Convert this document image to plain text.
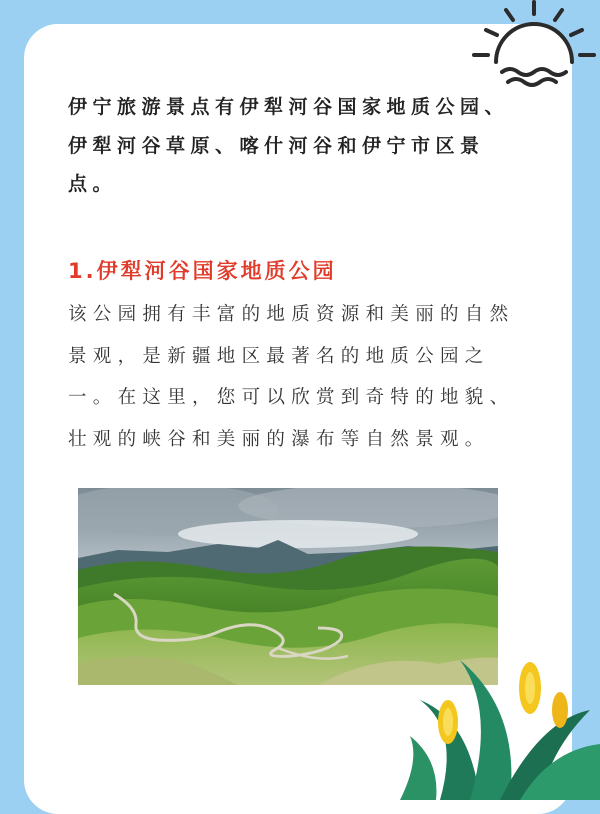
伊宁旅游景点有伊犁河谷国家地质公园、伊犁河谷草原、喀什河谷和伊宁市区景点。
1.伊犁河谷国家地质公园
该公园拥有丰富的地质资源和美丽的自然景观，是新疆地区最著名的地质公园之一。在这里，您可以欣赏到奇特的地貌、壮观的峡谷和美丽的瀑布等自然景观。
